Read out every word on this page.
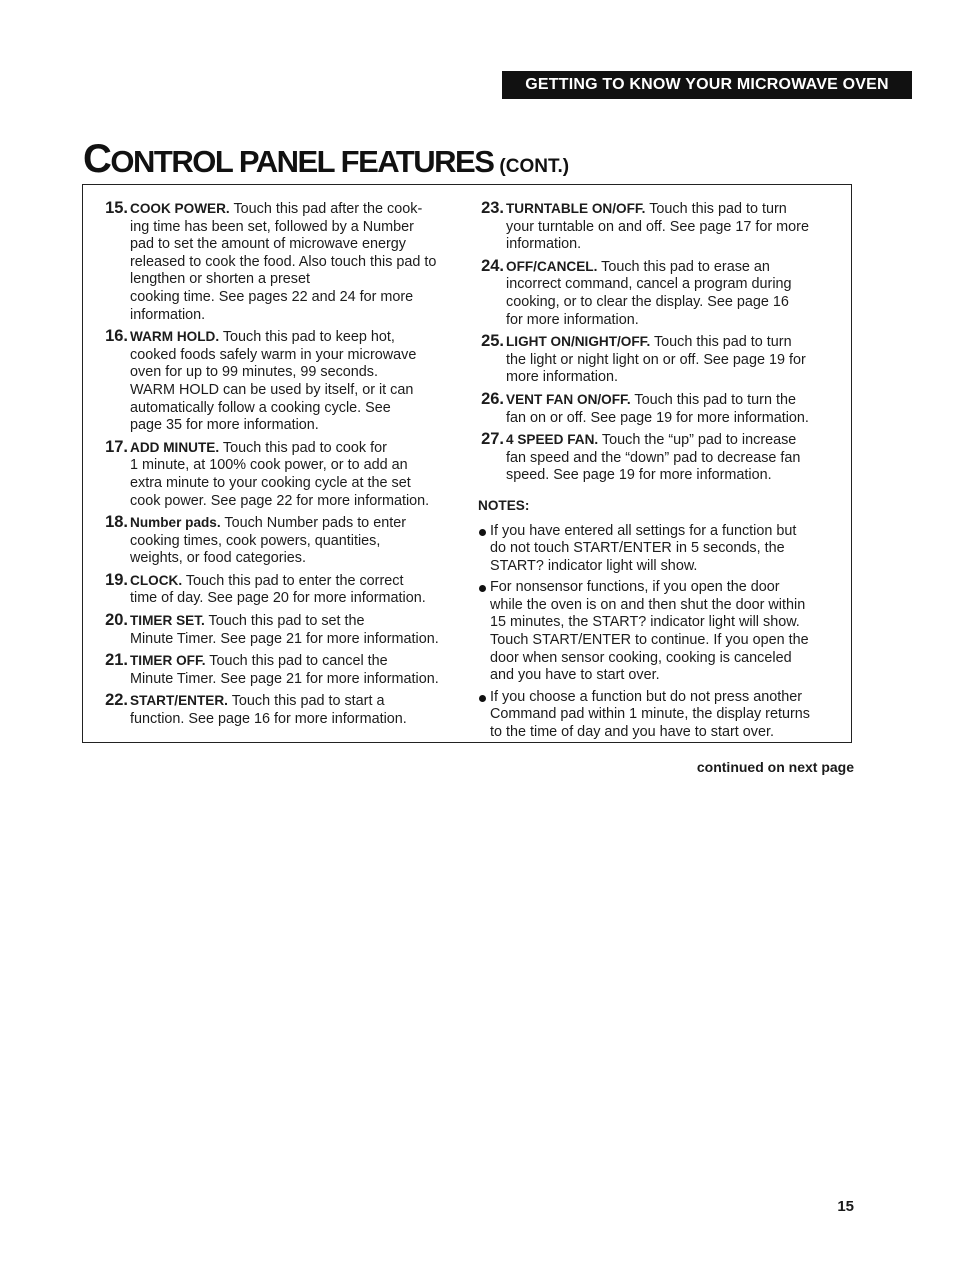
GETTING TO KNOW YOUR MICROWAVE OVEN
CONTROL PANEL FEATURES (CONT.)
15. COOK POWER. Touch this pad after the cook-
ing time has been set, followed by a Number
pad to set the amount of microwave energy
released to cook the food. Also touch this pad to
lengthen or shorten a preset
cooking time. See pages 22 and 24 for more
information.
16. WARM HOLD. Touch this pad to keep hot,
cooked foods safely warm in your microwave
oven for up to 99 minutes, 99 seconds.
WARM HOLD can be used by itself, or it can
automatically follow a cooking cycle. See
page 35 for more information.
17. ADD MINUTE. Touch this pad to cook for
1 minute, at 100% cook power, or to add an
extra minute to your cooking cycle at the set
cook power. See page 22 for more information.
18. Number pads. Touch Number pads to enter
cooking times, cook powers, quantities,
weights, or food categories.
19. CLOCK. Touch this pad to enter the correct
time of day. See page 20 for more information.
20. TIMER SET. Touch this pad to set the
Minute Timer. See page 21 for more information.
21. TIMER OFF. Touch this pad to cancel the
Minute Timer. See page 21 for more information.
22. START/ENTER. Touch this pad to start a
function. See page 16 for more information.
23. TURNTABLE ON/OFF. Touch this pad to turn
your turntable on and off. See page 17 for more
information.
24. OFF/CANCEL. Touch this pad to erase an
incorrect command, cancel a program during
cooking, or to clear the display. See page 16
for more information.
25. LIGHT ON/NIGHT/OFF. Touch this pad to turn
the light or night light on or off. See page 19 for
more information.
26. VENT FAN ON/OFF. Touch this pad to turn the
fan on or off. See page 19 for more information.
27. 4 SPEED FAN. Touch the “up” pad to increase
fan speed and the “down” pad to decrease fan
speed. See page 19 for more information.
NOTES:
If you have entered all settings for a function but
do not touch START/ENTER in 5 seconds, the
START? indicator light will show.
For nonsensor functions, if you open the door
while the oven is on and then shut the door within
15 minutes, the START? indicator light will show.
Touch START/ENTER to continue. If you open the
door when sensor cooking, cooking is canceled
and you have to start over.
If you choose a function but do not press another
Command pad within 1 minute, the display returns
to the time of day and you have to start over.
continued on next page
15
